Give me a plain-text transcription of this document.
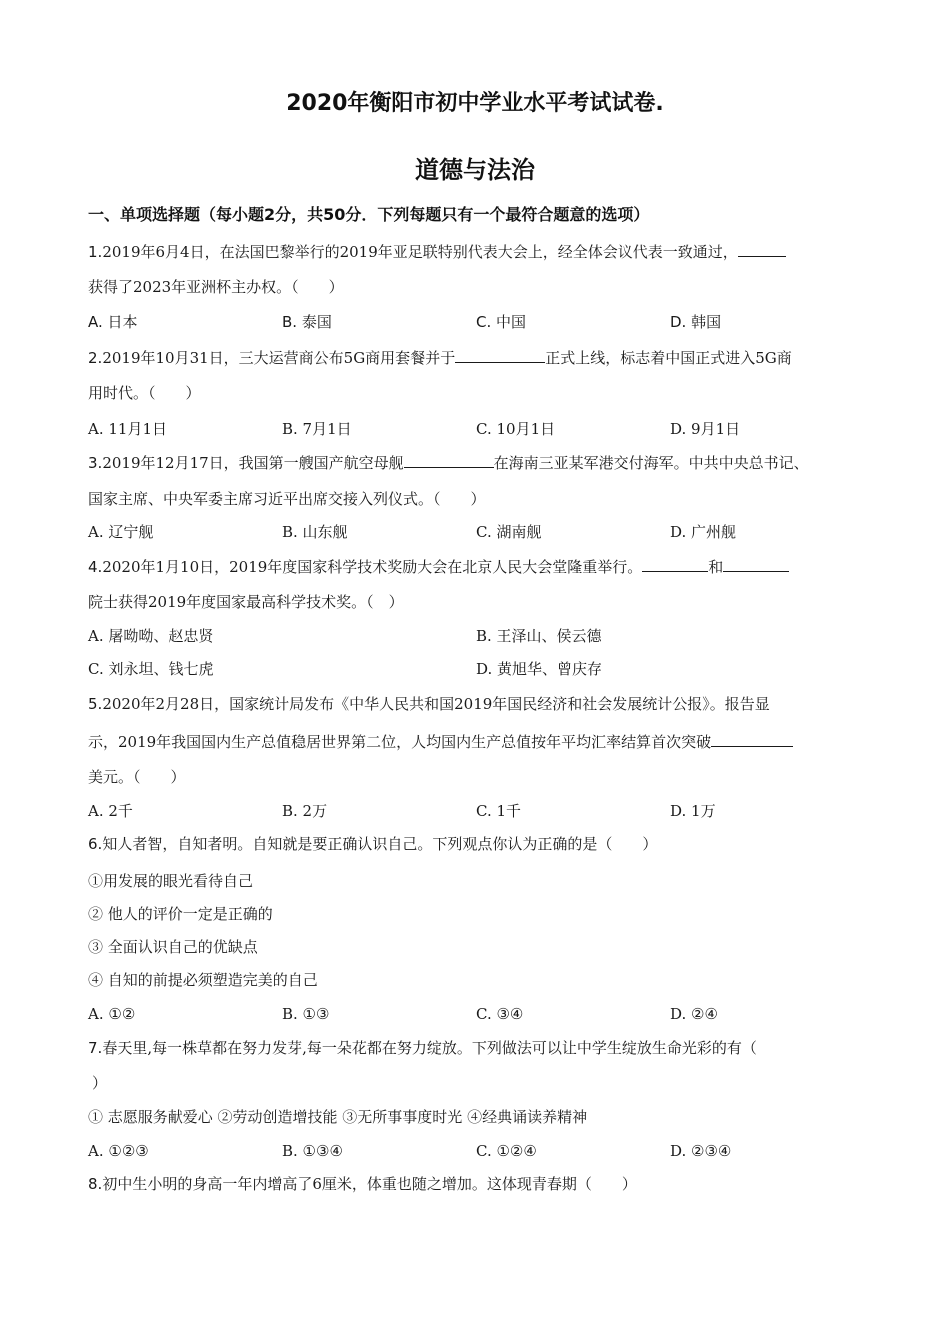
2020年衡阳市初中学业水平考试试卷.
道德与法治
一、单项选择题（每小题2分，共50分．下列每题只有一个最符合题意的选项）
1.2019年6月4日，在法国巴黎举行的2019年亚足联特别代表大会上，经全体会议代表一致通过，
获得了2023年亚洲杯主办权。（　　）
A. 日本	B. 泰国	C. 中国	D. 韩国
2.2019年10月31日，三大运营商公布5G商用套餐并于	正式上线，标志着中国正式进入5G商
用时代。（　　）
A. 11月1日	B. 7月1日	C. 10月1日	D. 9月1日
3.2019年12月17日，我国第一艘国产航空母舰	在海南三亚某军港交付海军。中共中央总书记、
国家主席、中央军委主席习近平出席交接入列仪式。（　　）
A. 辽宁舰	B. 山东舰	C. 湖南舰	D. 广州舰
4.2020年1月10日，2019年度国家科学技术奖励大会在北京人民大会堂隆重举行。	和
院士获得2019年度国家最高科学技术奖。（　）
A. 屠呦呦、赵忠贤	B. 王泽山、侯云德
C. 刘永坦、钱七虎	D. 黄旭华、曾庆存
5.2020年2月28日，国家统计局发布《中华人民共和国2019年国民经济和社会发展统计公报》。报告显
示，2019年我国国内生产总值稳居世界第二位，人均国内生产总值按年平均汇率结算首次突破
美元。（　　）
A. 2千	B. 2万	C. 1千	D. 1万
6.知人者智，自知者明。自知就是要正确认识自己。下列观点你认为正确的是（　　）
①用发展的眼光看待自己
② 他人的评价一定是正确的
③ 全面认识自己的优缺点
④ 自知的前提必须塑造完美的自己
A. ①②	B. ①③	C. ③④	D. ②④
7.春天里,每一株草都在努力发芽,每一朵花都在努力绽放。下列做法可以让中学生绽放生命光彩的有（
）
① 志愿服务献爱心 ②劳动创造增技能 ③无所事事度时光 ④经典诵读养精神
A. ①②③	B. ①③④	C. ①②④	D. ②③④
8.初中生小明的身高一年内增高了6厘米，体重也随之增加。这体现青春期（　　）
